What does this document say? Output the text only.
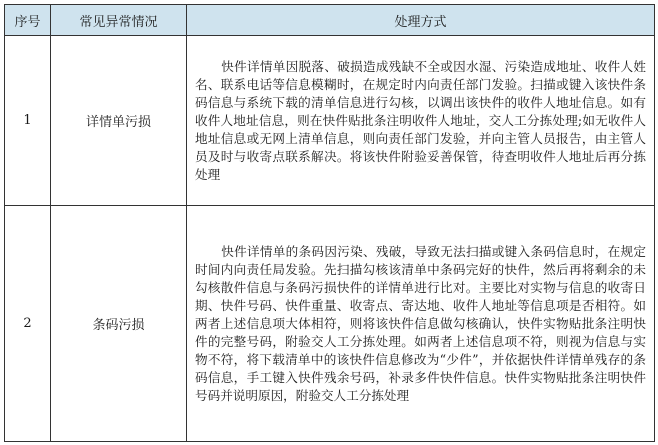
序号	常见异常情况	处理方式
1	详情单污损	快件详情单因脱落、破损造成残缺不全或因水湿、污染造成地址、收件人姓名、联系电话等信息模糊时，在规定时内向责任部门发验。扫描或键入该快件条码信息与系统下载的清单信息进行勾核，以调出该快件的收件人地址信息。如有收件人地址信息，则在快件贴批条注明收件人地址，交人工分拣处理;如无收件人地址信息或无网上清单信息，则向责任部门发验，并向主管人员报告，由主管人员及时与收寄点联系解决。将该快件附验妥善保管，待查明收件人地址后再分拣处理
2	条码污损	快件详情单的条码因污染、残破，导致无法扫描或键入条码信息时，在规定时间内向责任局发验。先扫描勾核该清单中条码完好的快件，然后再将剩余的未勾核散件信息与条码污损快件的详情单进行比对。主要比对实物与信息的收寄日期、快件号码、快件重量、收寄点、寄达地、收件人地址等信息项是否相符。如两者上述信息项大体相符，则将该快件信息做勾核确认，快件实物贴批条注明快件的完整号码，附验交人工分拣处理。如两者上述信息项不符，则视为信息与实物不符，将下载清单中的该快件信息修改为“少件”，并依据快件详情单残存的条码信息，手工键入快件残余号码，补录多件快件信息。快件实物贴批条注明快件号码并说明原因，附验交人工分拣处理
